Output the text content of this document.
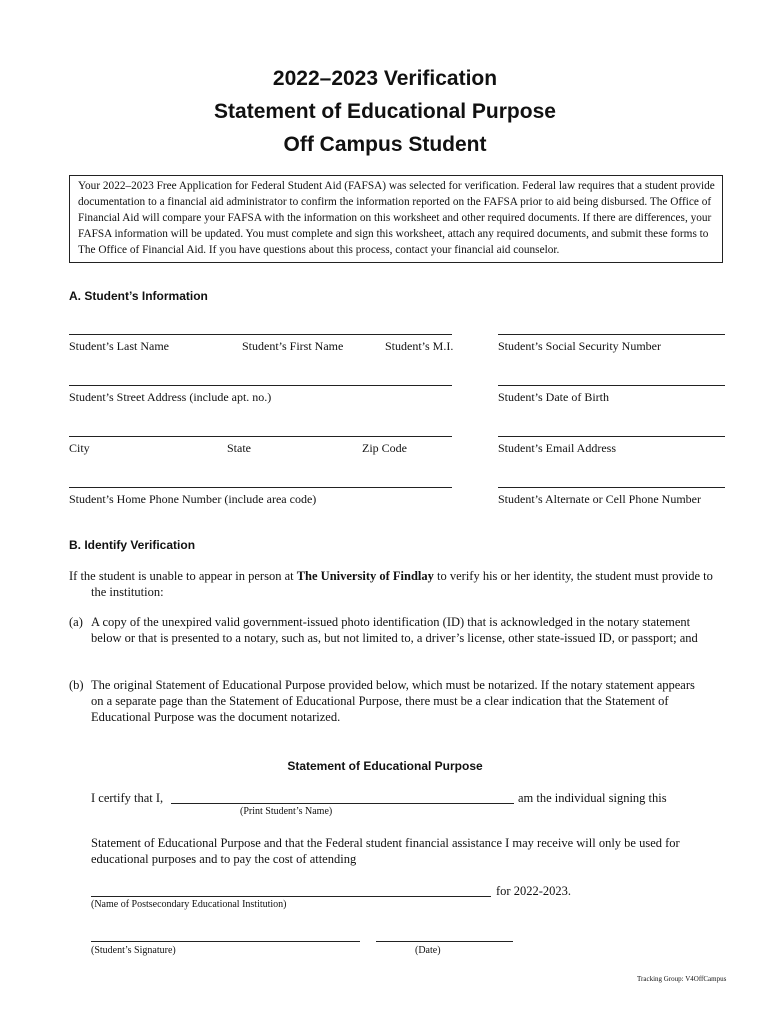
2022–2023 Verification
Statement of Educational Purpose
Off Campus Student
Your 2022–2023 Free Application for Federal Student Aid (FAFSA) was selected for verification. Federal law requires that a student provide documentation to a financial aid administrator to confirm the information reported on the FAFSA prior to aid being disbursed. The Office of Financial Aid will compare your FAFSA with the information on this worksheet and other required documents. If there are differences, your FAFSA information will be updated. You must complete and sign this worksheet, attach any required documents, and submit these forms to The Office of Financial Aid. If you have questions about this process, contact your financial aid counselor.
A. Student’s Information
Student’s Last Name	Student’s First Name	Student’s M.I.	Student’s Social Security Number
Student’s Street Address (include apt. no.)	Student’s Date of Birth
City	State	Zip Code	Student’s Email Address
Student’s Home Phone Number (include area code)	Student’s Alternate or Cell Phone Number
B. Identify Verification
If the student is unable to appear in person at The University of Findlay to verify his or her identity, the student must provide to the institution:
(a) A copy of the unexpired valid government-issued photo identification (ID) that is acknowledged in the notary statement below or that is presented to a notary, such as, but not limited to, a driver’s license, other state-issued ID, or passport; and
(b) The original Statement of Educational Purpose provided below, which must be notarized. If the notary statement appears on a separate page than the Statement of Educational Purpose, there must be a clear indication that the Statement of Educational Purpose was the document notarized.
Statement of Educational Purpose
I certify that I,	am the individual signing this
(Print Student’s Name)
Statement of Educational Purpose and that the Federal student financial assistance I may receive will only be used for educational purposes and to pay the cost of attending
for 2022-2023.
(Name of Postsecondary Educational Institution)
(Student’s Signature)	(Date)
Tracking Group: V4OffCampus
